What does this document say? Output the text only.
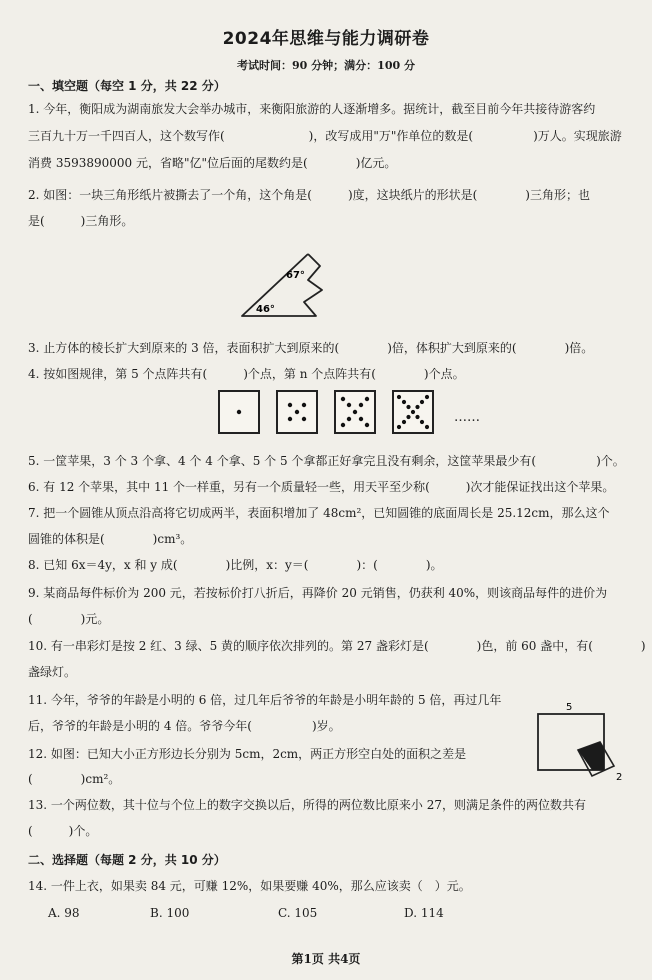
2024年思维与能力调研卷
考试时间：90 分钟；满分：100 分
一、填空题（每空 1 分，共 22 分）
1. 今年，衡阳成为湖南旅发大会举办城市，来衡阳旅游的人逐渐增多。据统计，截至目前今年共接待游客约
三百九十万一千四百人，这个数写作(　　　　　　　)，改写成用"万"作单位的数是(　　　　　)万人。实现旅游
消费 3593890000 元，省略"亿"位后面的尾数约是(　　　　)亿元。
2. 如图：一块三角形纸片被撕去了一个角，这个角是(　　　)度，这块纸片的形状是(　　　　)三角形；也
是(　　　)三角形。
67°
46°
3. 止方体的棱长扩大到原来的 3 倍，表面积扩大到原来的(　　　　)倍，体积扩大到原来的(　　　　)倍。
4. 按如图规律，第 5 个点阵共有(　　　)个点，第 n 个点阵共有(　　　　)个点。
……
5. 一筐苹果，3 个 3 个拿、4 个 4 个拿、5 个 5 个拿都正好拿完且没有剩余，这筐苹果最少有(　　　　　)个。
6. 有 12 个苹果，其中 11 个一样重，另有一个质量轻一些，用天平至少称(　　　)次才能保证找出这个苹果。
7. 把一个圆锥从顶点沿高将它切成两半，表面积增加了 48cm²，已知圆锥的底面周长是 25.12cm，那么这个
圆锥的体积是(　　　　)cm³。
8. 已知 6x＝4y，x 和 y 成(　　　　)比例，x：y＝(　　　　)：(　　　　)。
9. 某商品每件标价为 200 元，若按标价打八折后，再降价 20 元销售，仍获利 40%，则该商品每件的进价为
(　　　　)元。
10. 有一串彩灯是按 2 红、3 绿、5 黄的顺序依次排列的。第 27 盏彩灯是(　　　　)色，前 60 盏中，有(　　　　)
盏绿灯。
11. 今年，爷爷的年龄是小明的 6 倍，过几年后爷爷的年龄是小明年龄的 5 倍，再过几年
后，爷爷的年龄是小明的 4 倍。爷爷今年(　　　　　)岁。
12. 如图：已知大小正方形边长分别为 5cm，2cm，两正方形空白处的面积之差是
(　　　　)cm²。
5
2
13. 一个两位数，其十位与个位上的数字交换以后，所得的两位数比原来小 27，则满足条件的两位数共有
(　　　)个。
二、选择题（每题 2 分，共 10 分）
14. 一件上衣，如果卖 84 元，可赚 12%，如果要赚 40%，那么应该卖（　）元。
A. 98	B. 100	C. 105	D. 114
第1页 共4页
